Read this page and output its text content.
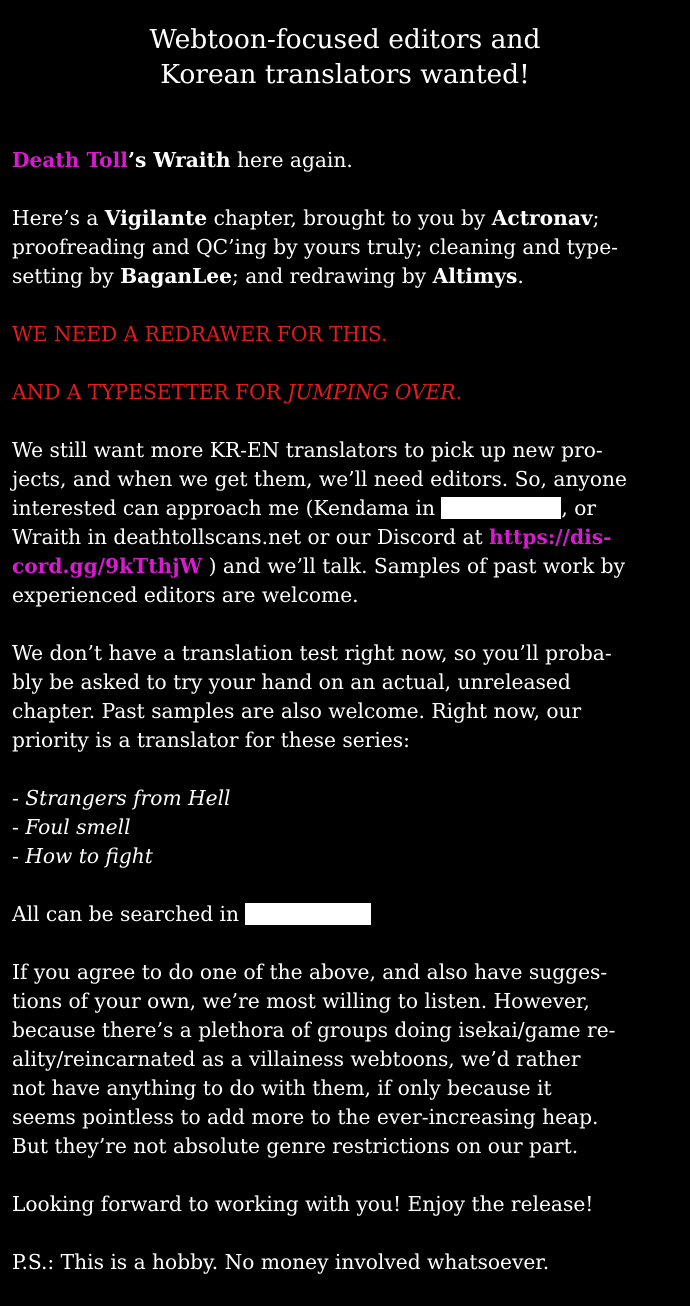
Webtoon-focused editors and
Korean translators wanted!

Death Toll’s Wraith here again.

Here’s a Vigilante chapter, brought to you by Actronav;
proofreading and QC’ing by yours truly; cleaning and type-
setting by BaganLee; and redrawing by Altimys.

WE NEED A REDRAWER FOR THIS.

AND A TYPESETTER FOR JUMPING OVER.

We still want more KR-EN translators to pick up new pro-
jects, and when we get them, we’ll need editors. So, anyone
interested can approach me (Kendama in	, or
Wraith in deathtollscans.net or our Discord at https://dis-
cord.gg/9kTthjW ) and we’ll talk. Samples of past work by
experienced editors are welcome.

We don’t have a translation test right now, so you’ll proba-
bly be asked to try your hand on an actual, unreleased
chapter. Past samples are also welcome. Right now, our
priority is a translator for these series:

- Strangers from Hell
- Foul smell
- How to fight

All can be searched in

If you agree to do one of the above, and also have sugges-
tions of your own, we’re most willing to listen. However,
because there’s a plethora of groups doing isekai/game re-
ality/reincarnated as a villainess webtoons, we’d rather
not have anything to do with them, if only because it
seems pointless to add more to the ever-increasing heap.
But they’re not absolute genre restrictions on our part.

Looking forward to working with you! Enjoy the release!

P.S.: This is a hobby. No money involved whatsoever.
